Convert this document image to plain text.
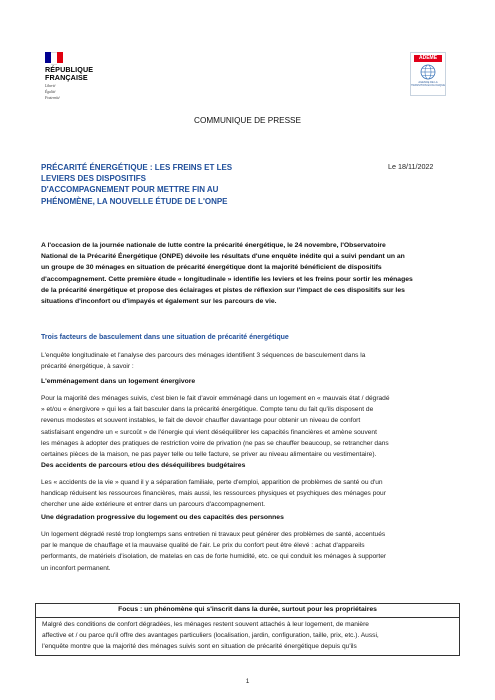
RÉPUBLIQUE
FRANÇAISE
Liberté
Égalité
Fraternité
ADEME
AGENCE DE LA TRANSITION ÉCOLOGIQUE
COMMUNIQUE DE PRESSE
PRÉCARITÉ ÉNERGÉTIQUE : LES FREINS ET LES
LEVIERS DES DISPOSITIFS
D'ACCOMPAGNEMENT POUR METTRE FIN AU
PHÉNOMÈNE, LA NOUVELLE ÉTUDE DE L'ONPE
Le 18/11/2022
A l'occasion de la journée nationale de lutte contre la précarité énergétique, le 24 novembre, l'Observatoire
National de la Précarité Énergétique (ONPE) dévoile les résultats d'une enquête inédite qui a suivi pendant un an
un groupe de 30 ménages en situation de précarité énergétique dont la majorité bénéficient de dispositifs
d'accompagnement. Cette première étude « longitudinale » identifie les leviers et les freins pour sortir les ménages
de la précarité énergétique et propose des éclairages et pistes de réflexion sur l'impact de ces dispositifs sur les
situations d'inconfort ou d'impayés et également sur les parcours de vie.
Trois facteurs de basculement dans une situation de précarité énergétique
L'enquête longitudinale et l'analyse des parcours des ménages identifient 3 séquences de basculement dans la
précarité énergétique, à savoir :
L'emménagement dans un logement énergivore
Pour la majorité des ménages suivis, c'est bien le fait d'avoir emménagé dans un logement en « mauvais état / dégradé
» et/ou « énergivore » qui les a fait basculer dans la précarité énergétique. Compte tenu du fait qu'ils disposent de
revenus modestes et souvent instables, le fait de devoir chauffer davantage pour obtenir un niveau de confort
satisfaisant engendre un « surcoût » de l'énergie qui vient déséquilibrer les capacités financières et amène souvent
les ménages à adopter des pratiques de restriction voire de privation (ne pas se chauffer beaucoup, se retrancher dans
certaines pièces de la maison, ne pas payer telle ou telle facture, se priver au niveau alimentaire ou vestimentaire).
Des accidents de parcours et/ou des déséquilibres budgétaires
Les « accidents de la vie » quand il y a séparation familiale, perte d'emploi, apparition de problèmes de santé ou d'un
handicap réduisent les ressources financières, mais aussi, les ressources physiques et psychiques des ménages pour
chercher une aide extérieure et entrer dans un parcours d'accompagnement.
Une dégradation progressive du logement ou des capacités des personnes
Un logement dégradé resté trop longtemps sans entretien ni travaux peut générer des problèmes de santé, accentués
par le manque de chauffage et la mauvaise qualité de l'air. Le prix du confort peut être élevé : achat d'appareils
performants, de matériels d'isolation, de matelas en cas de forte humidité, etc. ce qui conduit les ménages à supporter
un inconfort permanent.
Focus : un phénomène qui s'inscrit dans la durée, surtout pour les propriétaires
Malgré des conditions de confort dégradées, les ménages restent souvent attachés à leur logement, de manière
affective et / ou parce qu'il offre des avantages particuliers (localisation, jardin, configuration, taille, prix, etc.). Aussi,
l'enquête montre que la majorité des ménages suivis sont en situation de précarité énergétique depuis qu'ils
1
